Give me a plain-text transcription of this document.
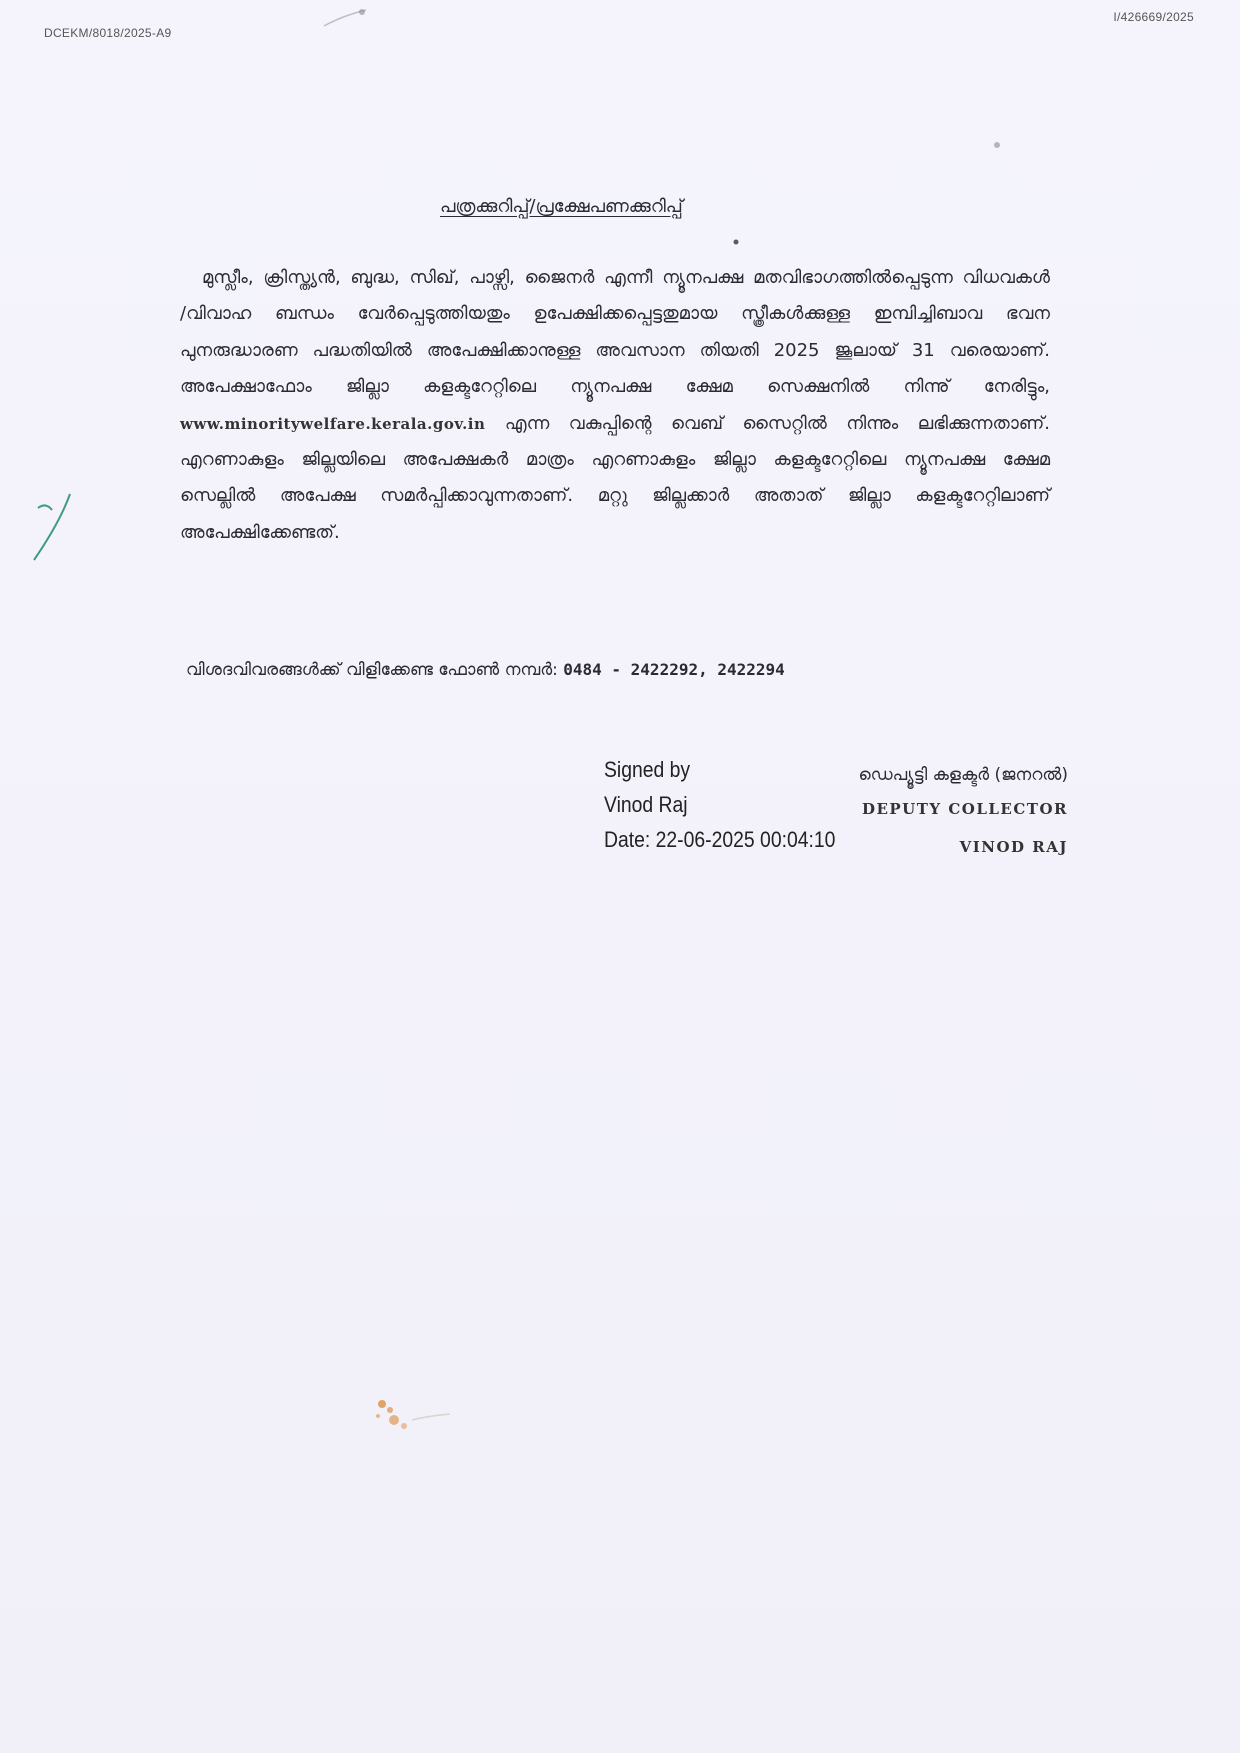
DCEKM/8018/2025-A9
I/426669/2025
പത്രക്കുറിപ്പ്/പ്രക്ഷേപണക്കുറിപ്പ്
മുസ്ലീം, ക്രിസ്ത്യൻ, ബുദ്ധ, സിഖ്, പാഴ്സി, ജൈനർ എന്നീ ന്യൂനപക്ഷ മതവിഭാഗത്തിൽപ്പെടുന്ന വിധവകൾ /വിവാഹ ബന്ധം വേർപ്പെടുത്തിയതും ഉപേക്ഷിക്കപ്പെട്ടതുമായ സ്ത്രീകൾക്കുള്ള ഇമ്പിച്ചിബാവ ഭവന പുനരുദ്ധാരണ പദ്ധതിയിൽ അപേക്ഷിക്കാനുള്ള അവസാന തിയതി 2025 ജൂലായ് 31 വരെയാണ്. അപേക്ഷാഫോം ജില്ലാ കളക്ടറേറ്റിലെ ന്യൂനപക്ഷ ക്ഷേമ സെക്ഷനിൽ നിന്നു് നേരിട്ടും, www.minoritywelfare.kerala.gov.in എന്ന വകുപ്പിന്റെ വെബ് സൈറ്റിൽ നിന്നും ലഭിക്കുന്നതാണ്. എറണാകുളം ജില്ലയിലെ അപേക്ഷകർ മാത്രം എറണാകുളം ജില്ലാ കളക്ടറേറ്റിലെ ന്യൂനപക്ഷ ക്ഷേമ സെല്ലിൽ അപേക്ഷ സമർപ്പിക്കാവുന്നതാണ്. മറ്റു ജില്ലക്കാർ അതാത് ജില്ലാ കളക്ടറേറ്റിലാണ് അപേക്ഷിക്കേണ്ടത്.
വിശദവിവരങ്ങൾക്ക് വിളിക്കേണ്ട ഫോൺ നമ്പർ: 0484 - 2422292, 2422294
Signed by
Vinod Raj
Date: 22-06-2025 00:04:10
ഡെപ്യൂട്ടി കളക്ടർ (ജനറൽ)
DEPUTY COLLECTOR
VINOD RAJ
